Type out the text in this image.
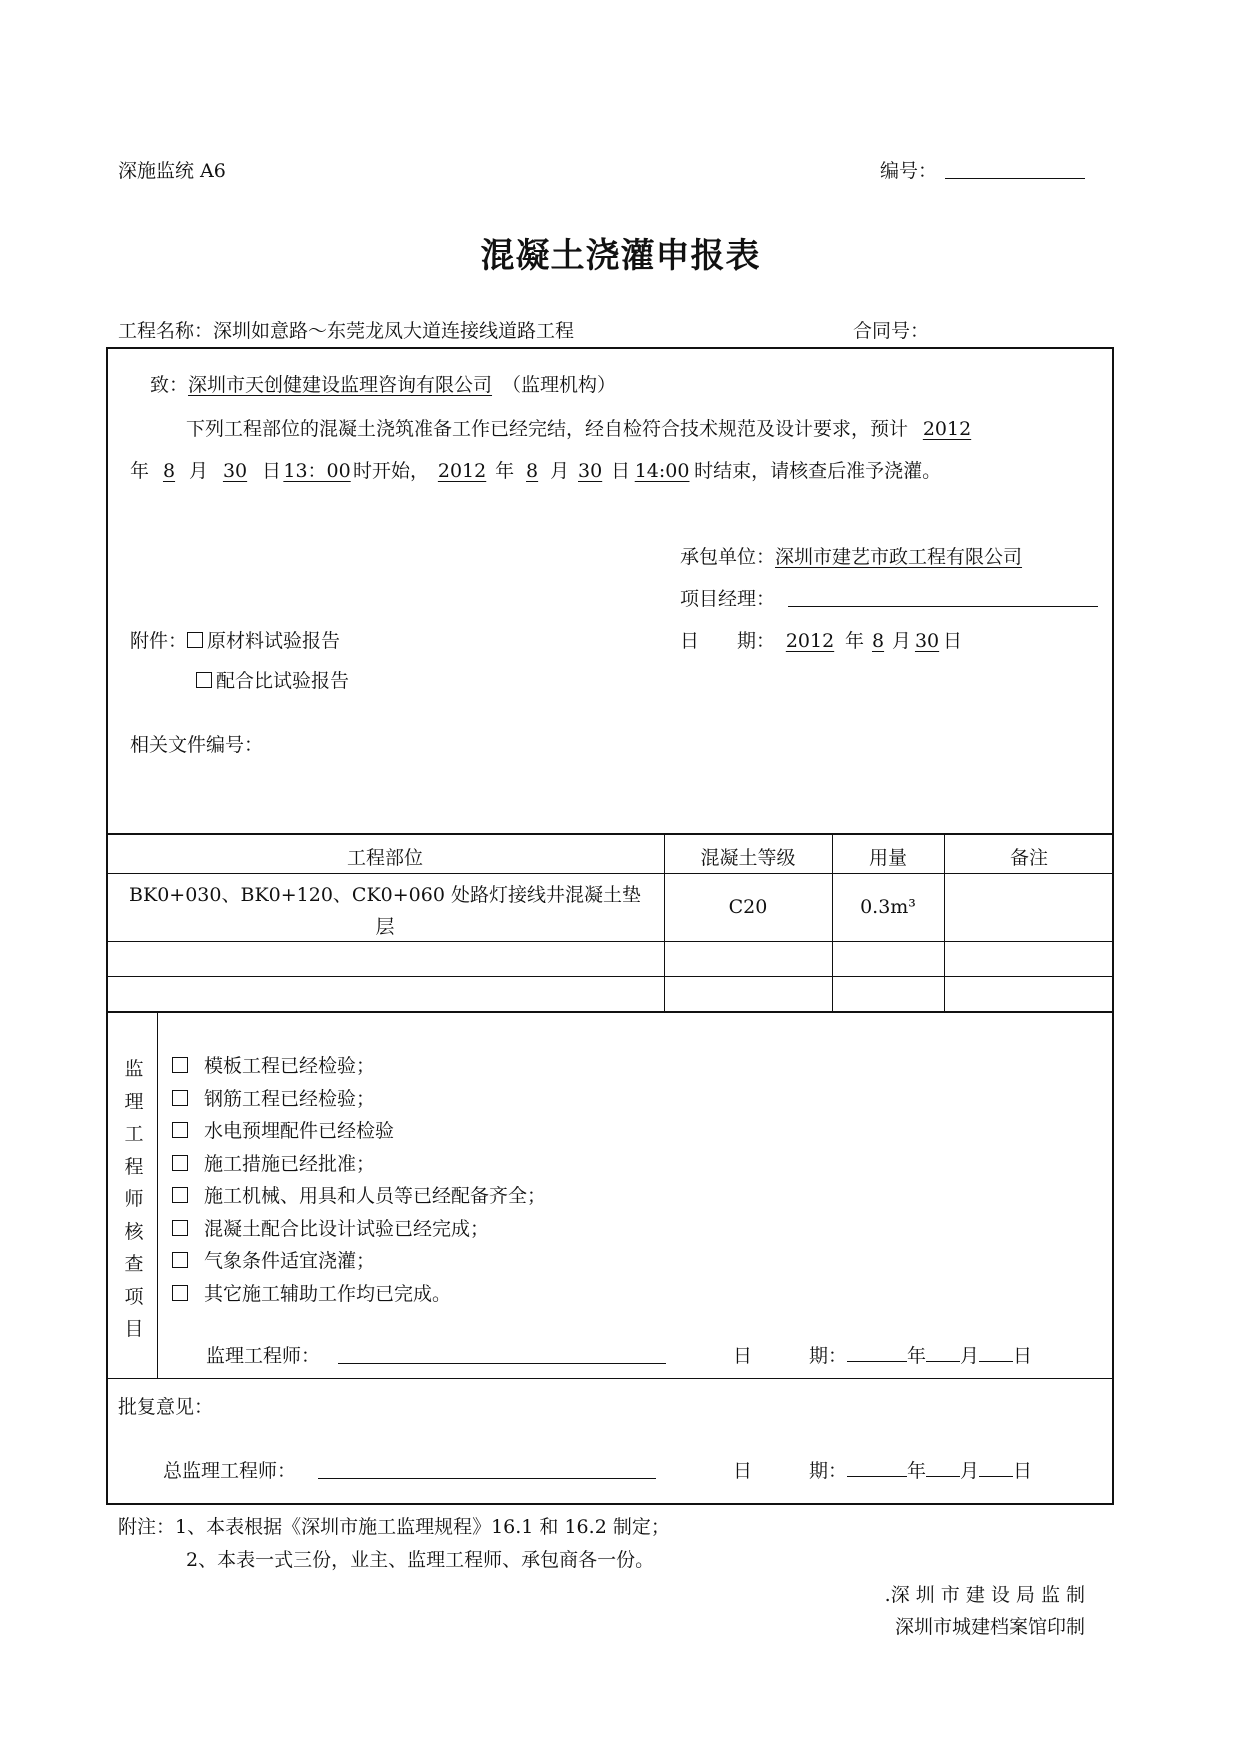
深施监统 A6	编号：
混凝土浇灌申报表
工程名称：深圳如意路～东莞龙凤大道连接线道路工程	合同号：
致：深圳市天创健建设监理咨询有限公司 （监理机构）
下列工程部位的混凝土浇筑准备工作已经完结，经自检符合技术规范及设计要求，预计 2012
年 8 月 30 日 13：00 时开始， 2012 年 8 月 30 日 14:00 时结束，请核查后准予浇灌。
承包单位：深圳市建艺市政工程有限公司
项目经理：
日　　期： 2012 年 8 月 30 日
附件： 原材料试验报告
配合比试验报告
相关文件编号：
工程部位	混凝土等级	用量	备注
BK0+030、BK0+120、CK0+060 处路灯接线井混凝土垫
层
C20	0.3m³
监
理
工
程
师
核
查
项
目
模板工程已经检验；
钢筋工程已经检验；
水电预埋配件已经检验
施工措施已经批准；
施工机械、用具和人员等已经配备齐全；
混凝土配合比设计试验已经完成；
气象条件适宜浇灌；
其它施工辅助工作均已完成。
监理工程师：	日　　　期：	年 月 日
批复意见：
总监理工程师：	日　　　期：	年 月 日
附注：1、本表根据《深圳市施工监理规程》16.1 和 16.2 制定；
2、本表一式三份，业主、监理工程师、承包商各一份。
.深 圳 市 建 设 局 监 制
深圳市城建档案馆印制
